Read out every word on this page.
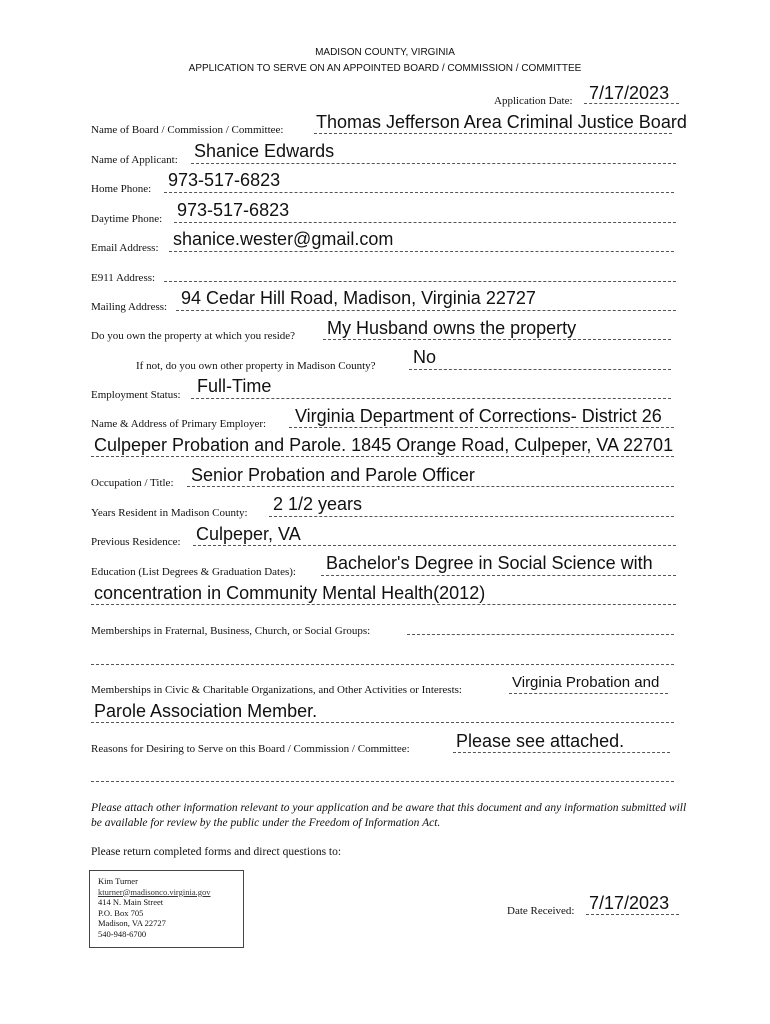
MADISON COUNTY, VIRGINIA
APPLICATION TO SERVE ON AN APPOINTED BOARD / COMMISSION / COMMITTEE
Application Date: 7/17/2023
Name of Board / Commission / Committee: Thomas Jefferson Area Criminal Justice Board
Name of Applicant: Shanice Edwards
Home Phone: 973-517-6823
Daytime Phone: 973-517-6823
Email Address: shanice.wester@gmail.com
E911 Address:
Mailing Address: 94 Cedar Hill Road, Madison, Virginia 22727
Do you own the property at which you reside? My Husband owns the property
If not, do you own other property in Madison County? No
Employment Status: Full-Time
Name & Address of Primary Employer: Virginia Department of Corrections- District 26
Culpeper Probation and Parole. 1845 Orange Road, Culpeper, VA 22701
Occupation / Title: Senior Probation and Parole Officer
Years Resident in Madison County: 2 1/2 years
Previous Residence: Culpeper, VA
Education (List Degrees & Graduation Dates): Bachelor's Degree in Social Science with
concentration in Community Mental Health(2012)
Memberships in Fraternal, Business, Church, or Social Groups:
Memberships in Civic & Charitable Organizations, and Other Activities or Interests:	Virginia Probation and
Parole Association Member.
Reasons for Desiring to Serve on this Board / Commission / Committee:	Please see attached.
Please attach other information relevant to your application and be aware that this document and any information submitted will be available for review by the public under the Freedom of Information Act.
Please return completed forms and direct questions to:
Kim Turner
kturner@madisonco.virginia.gov
414 N. Main Street
P.O. Box 705
Madison, VA 22727
540-948-6700
Date Received: 7/17/2023
